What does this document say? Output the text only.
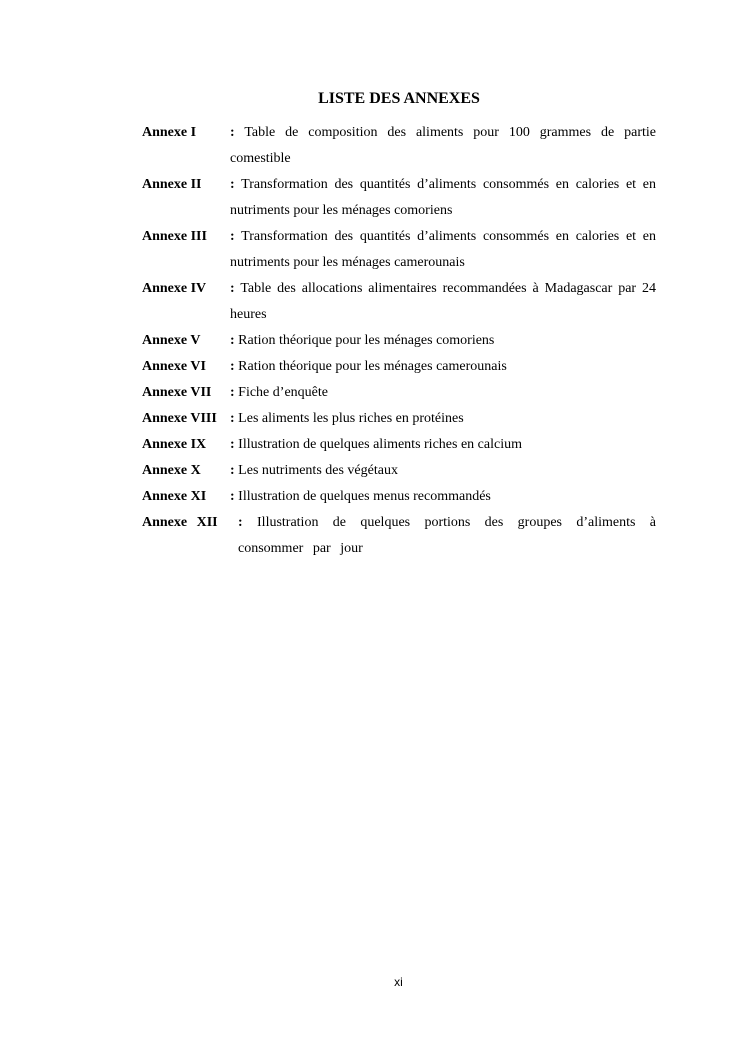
LISTE DES ANNEXES
Annexe I	: Table de composition des aliments pour 100 grammes de partie comestible
Annexe II	: Transformation des quantités d’aliments consommés en calories et en nutriments pour les ménages comoriens
Annexe III	: Transformation des quantités d’aliments consommés en calories et en nutriments pour les ménages camerounais
Annexe IV	: Table des allocations alimentaires recommandées à Madagascar par 24 heures
Annexe V	: Ration théorique pour les ménages comoriens
Annexe VI	: Ration théorique pour les ménages camerounais
Annexe VII	: Fiche d’enquête
Annexe VIII : Les aliments les plus riches en protéines
Annexe IX	: Illustration de quelques aliments riches en calcium
Annexe X	: Les nutriments des végétaux
Annexe XI	: Illustration de quelques menus recommandés
Annexe XII	: Illustration de quelques portions des groupes d’aliments à consommer par jour
xi
